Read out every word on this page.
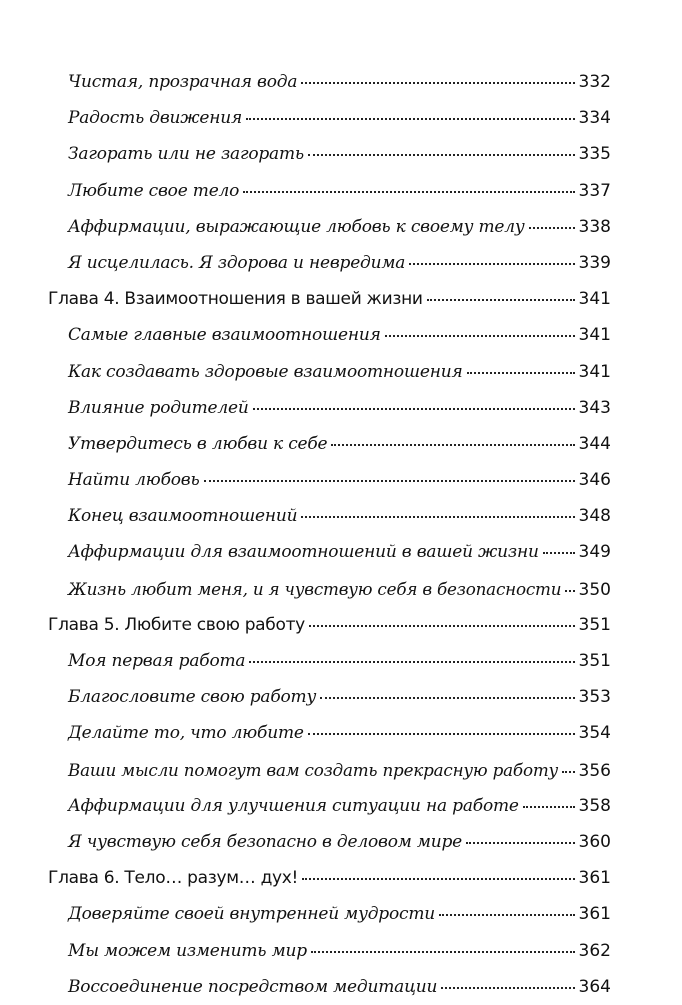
Чистая, прозрачная вода	332
Радость движения	334
Загорать или не загорать	335
Любите свое тело	337
Аффирмации, выражающие любовь к своему телу	338
Я исцелилась. Я здорова и невредима	339
Глава 4. Взаимоотношения в вашей жизни	341
Самые главные взаимоотношения	341
Как создавать здоровые взаимоотношения	341
Влияние родителей	343
Утвердитесь в любви к себе	344
Найти любовь	346
Конец взаимоотношений	348
Аффирмации для взаимоотношений в вашей жизни 349
Жизнь любит меня, и я чувствую себя в безопасности 350
Глава 5. Любите свою работу	351
Моя первая работа	351
Благословите свою работу	353
Делайте то, что любите	354
Ваши мысли помогут вам создать прекрасную работу 356
Аффирмации для улучшения ситуации на работе	358
Я чувствую себя безопасно в деловом мире	360
Глава 6. Тело… разум… дух!	361
Доверяйте своей внутренней мудрости	361
Мы можем изменить мир	362
Воссоединение посредством медитации	364
